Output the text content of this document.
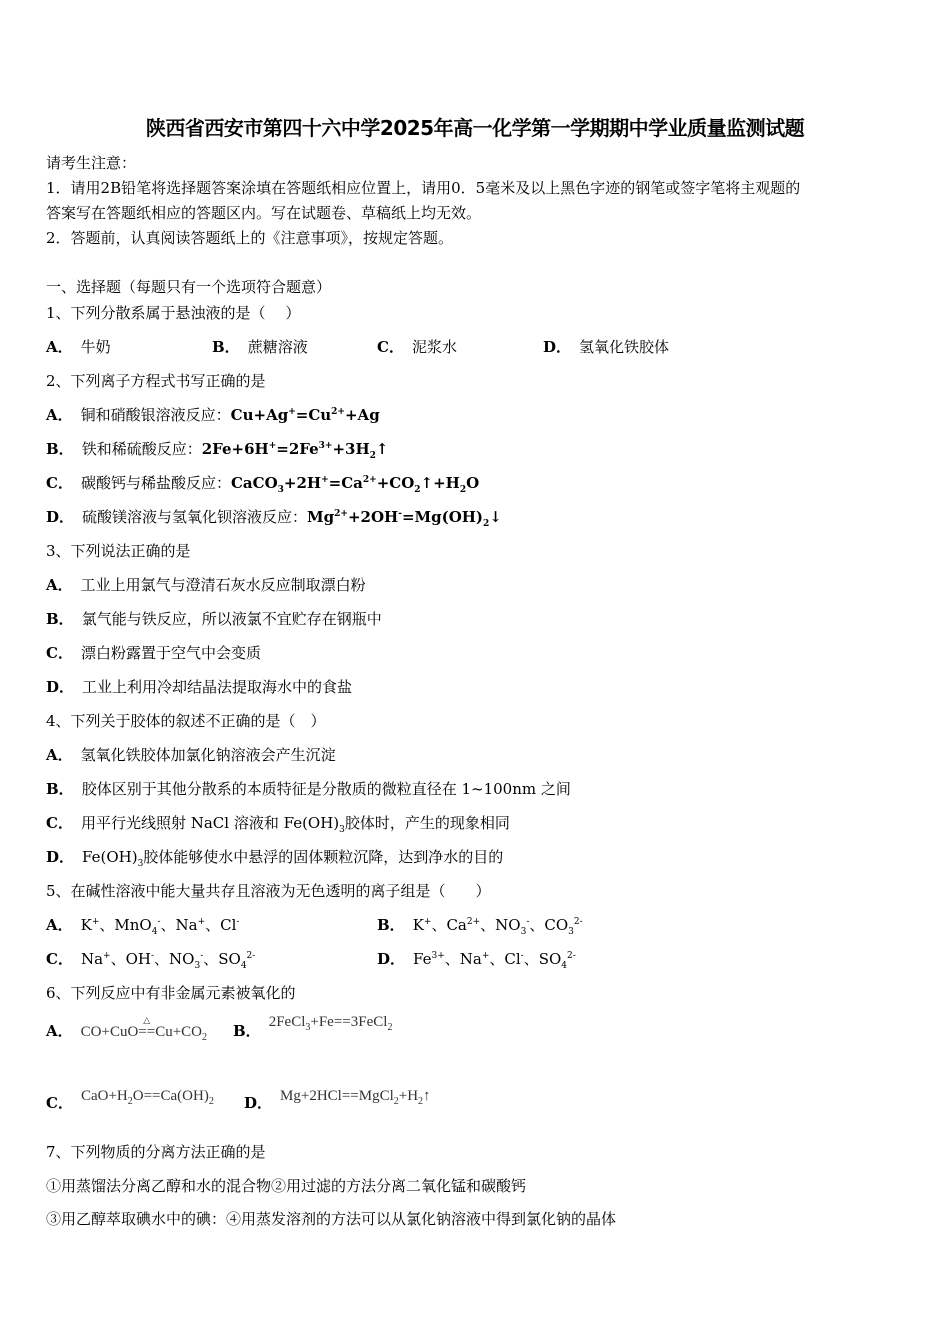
陕西省西安市第四十六中学2025年高一化学第一学期期中学业质量监测试题
请考生注意：
1．请用2B铅笔将选择题答案涂填在答题纸相应位置上，请用0．5毫米及以上黑色字迹的钢笔或签字笔将主观题的
答案写在答题纸相应的答题区内。写在试题卷、草稿纸上均无效。
2．答题前，认真阅读答题纸上的《注意事项》，按规定答题。
一、选择题（每题只有一个选项符合题意）
1、下列分散系属于悬浊液的是（　 ）
A． 牛奶	B． 蔗糖溶液	C． 泥浆水	D． 氢氧化铁胶体
2、下列离子方程式书写正确的是
A． 铜和硝酸银溶液反应：$Cu+Ag^+=Cu^{2+}+Ag$
B． 铁和稀硫酸反应：$2Fe+6H^+=2Fe^{3+}+3H_2↑$
C． 碳酸钙与稀盐酸反应：$CaCO_3+2H^+=Ca^{2+}+CO_2↑+H_2O$
D． 硫酸镁溶液与氢氧化钡溶液反应：$Mg^{2+}+2OH^-=Mg(OH)_2↓$
3、下列说法正确的是
A． 工业上用氯气与澄清石灰水反应制取漂白粉
B． 氯气能与铁反应，所以液氯不宜贮存在钢瓶中
C． 漂白粉露置于空气中会变质
D． 工业上利用冷却结晶法提取海水中的食盐
4、下列关于胶体的叙述不正确的是（　）
A． 氢氧化铁胶体加氯化钠溶液会产生沉淀
B． 胶体区别于其他分散系的本质特征是分散质的微粒直径在 1~100nm 之间
C． 用平行光线照射 NaCl 溶液和 $Fe(OH)_3$胶体时，产生的现象相同
D． $Fe(OH)_3$胶体能够使水中悬浮的固体颗粒沉降，达到净水的目的
5、在碱性溶液中能大量共存且溶液为无色透明的离子组是（　　）
A． K+、MnO$_4$-、Na+、Cl-	B． K+、$Ca^{2+}$、$NO_3^-$、$CO_3^{2-}$
C． Na+、OH-、$NO_3^-$、$SO_4^{2-}$	D． $Fe^{3+}$、Na+、Cl-、$SO_4^{2-}$
6、下列反应中有非金属元素被氧化的
A． CO+CuO
△
$==Cu+CO_2$ B． 2FeCl$_3$+Fe==3FeCl$_2$
C． $CaO+H_2O==Ca(OH)_2$ D． $Mg+2HCl==MgCl_2+H_2↑$
7、下列物质的分离方法正确的是
①用蒸馏法分离乙醇和水的混合物②用过滤的方法分离二氧化锰和碳酸钙
③用乙醇萃取碘水中的碘：④用蒸发溶剂的方法可以从氯化钠溶液中得到氯化钠的晶体
